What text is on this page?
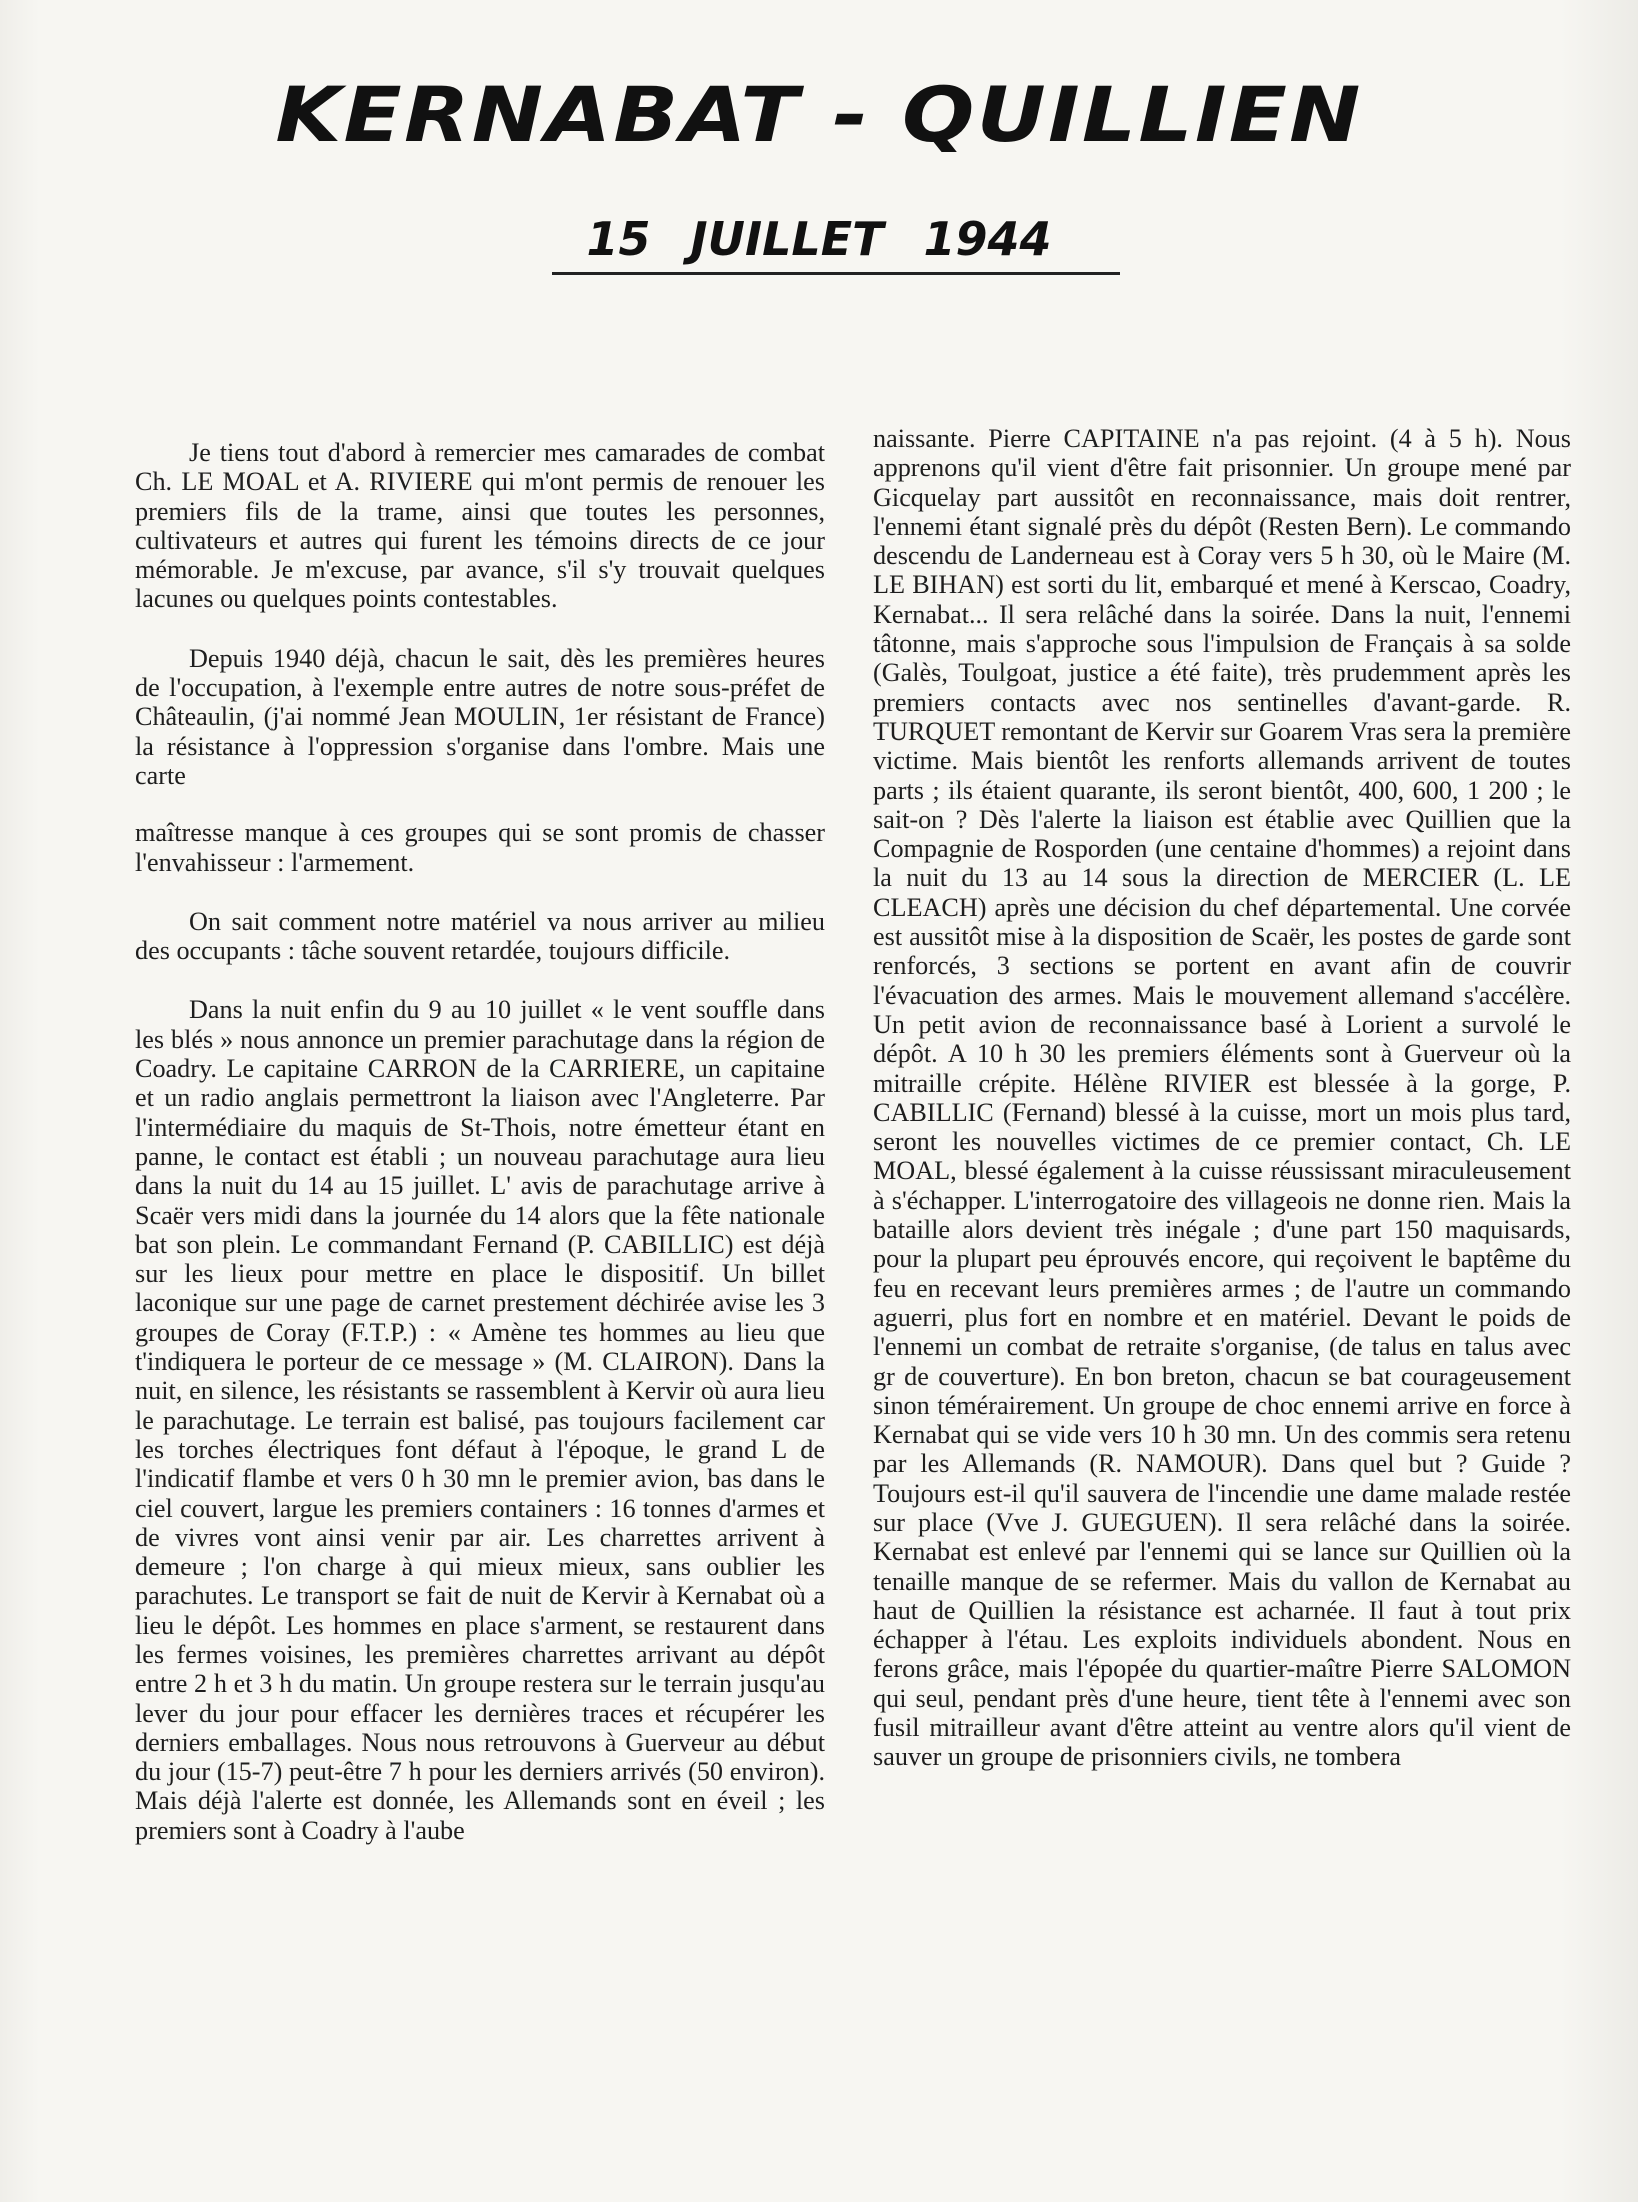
KERNABAT - QUILLIEN
15 JUILLET 1944

Je tiens tout d'abord à remercier mes camarades de combat Ch. LE MOAL et A. RIVIERE qui m'ont permis de renouer les premiers fils de la trame, ainsi que toutes les personnes, cultivateurs et autres qui furent les témoins directs de ce jour mémorable. Je m'excuse, par avance, s'il s'y trouvait quelques lacunes ou quelques points contestables.

Depuis 1940 déjà, chacun le sait, dès les premières heures de l'occupation, à l'exemple entre autres de notre sous-préfet de Châteaulin, (j'ai nommé Jean MOULIN, 1er résistant de France) la résistance à l'oppression s'organise dans l'ombre. Mais une carte

maîtresse manque à ces groupes qui se sont promis de chasser l'envahisseur : l'armement.

On sait comment notre matériel va nous arriver au milieu des occupants : tâche souvent retardée, toujours difficile.

Dans la nuit enfin du 9 au 10 juillet « le vent souffle dans les blés » nous annonce un premier parachutage dans la région de Coadry. Le capitaine CARRON de la CARRIERE, un capitaine et un radio anglais permettront la liaison avec l'Angleterre. Par l'intermédiaire du maquis de St-Thois, notre émetteur étant en panne, le contact est établi ; un nouveau parachutage aura lieu dans la nuit du 14 au 15 juillet. L' avis de parachutage arrive à Scaër vers midi dans la journée du 14 alors que la fête nationale bat son plein. Le commandant Fernand (P. CABILLIC) est déjà sur les lieux pour mettre en place le dispositif. Un billet laconique sur une page de carnet prestement déchirée avise les 3 groupes de Coray (F.T.P.) : « Amène tes hommes au lieu que t'indiquera le porteur de ce message » (M. CLAIRON). Dans la nuit, en silence, les résistants se rassemblent à Kervir où aura lieu le parachutage. Le terrain est balisé, pas toujours facilement car les torches électriques font défaut à l'époque, le grand L de l'indicatif flambe et vers 0 h 30 mn le premier avion, bas dans le ciel couvert, largue les premiers containers : 16 tonnes d'armes et de vivres vont ainsi venir par air. Les charrettes arrivent à demeure ; l'on charge à qui mieux mieux, sans oublier les parachutes. Le transport se fait de nuit de Kervir à Kernabat où a lieu le dépôt. Les hommes en place s'arment, se restaurent dans les fermes voisines, les premières charrettes arrivant au dépôt entre 2 h et 3 h du matin. Un groupe restera sur le terrain jusqu'au lever du jour pour effacer les dernières traces et récupérer les derniers emballages. Nous nous retrouvons à Guerveur au début du jour (15-7) peut-être 7 h pour les derniers arrivés (50 environ). Mais déjà l'alerte est donnée, les Allemands sont en éveil ; les premiers sont à Coadry à l'aube

naissante. Pierre CAPITAINE n'a pas rejoint. (4 à 5 h). Nous apprenons qu'il vient d'être fait prisonnier. Un groupe mené par Gicquelay part aussitôt en reconnaissance, mais doit rentrer, l'ennemi étant signalé près du dépôt (Resten Bern). Le commando descendu de Landerneau est à Coray vers 5 h 30, où le Maire (M. LE BIHAN) est sorti du lit, embarqué et mené à Kerscao, Coadry, Kernabat... Il sera relâché dans la soirée. Dans la nuit, l'ennemi tâtonne, mais s'approche sous l'impulsion de Français à sa solde (Galès, Toulgoat, justice a été faite), très prudemment après les premiers contacts avec nos sentinelles d'avant-garde. R. TURQUET remontant de Kervir sur Goarem Vras sera la première victime. Mais bientôt les renforts allemands arrivent de toutes parts ; ils étaient quarante, ils seront bientôt, 400, 600, 1 200 ; le sait-on ? Dès l'alerte la liaison est établie avec Quillien que la Compagnie de Rosporden (une centaine d'hommes) a rejoint dans la nuit du 13 au 14 sous la direction de MERCIER (L. LE CLEACH) après une décision du chef départemental. Une corvée est aussitôt mise à la disposition de Scaër, les postes de garde sont renforcés, 3 sections se portent en avant afin de couvrir l'évacuation des armes. Mais le mouvement allemand s'accélère. Un petit avion de reconnaissance basé à Lorient a survolé le dépôt. A 10 h 30 les premiers éléments sont à Guerveur où la mitraille crépite. Hélène RIVIER est blessée à la gorge, P. CABILLIC (Fernand) blessé à la cuisse, mort un mois plus tard, seront les nouvelles victimes de ce premier contact, Ch. LE MOAL, blessé également à la cuisse réussissant miraculeusement à s'échapper. L'interrogatoire des villageois ne donne rien. Mais la bataille alors devient très inégale ; d'une part 150 maquisards, pour la plupart peu éprouvés encore, qui reçoivent le baptême du feu en recevant leurs premières armes ; de l'autre un commando aguerri, plus fort en nombre et en matériel. Devant le poids de l'ennemi un combat de retraite s'organise, (de talus en talus avec gr de couverture). En bon breton, chacun se bat courageusement sinon témérairement. Un groupe de choc ennemi arrive en force à Kernabat qui se vide vers 10 h 30 mn. Un des commis sera retenu par les Allemands (R. NAMOUR). Dans quel but ? Guide ? Toujours est-il qu'il sauvera de l'incendie une dame malade restée sur place (Vve J. GUEGUEN). Il sera relâché dans la soirée. Kernabat est enlevé par l'ennemi qui se lance sur Quillien où la tenaille manque de se refermer. Mais du vallon de Kernabat au haut de Quillien la résistance est acharnée. Il faut à tout prix échapper à l'étau. Les exploits individuels abondent. Nous en ferons grâce, mais l'épopée du quartier-maître Pierre SALOMON qui seul, pendant près d'une heure, tient tête à l'ennemi avec son fusil mitrailleur avant d'être atteint au ventre alors qu'il vient de sauver un groupe de prisonniers civils, ne tombera
